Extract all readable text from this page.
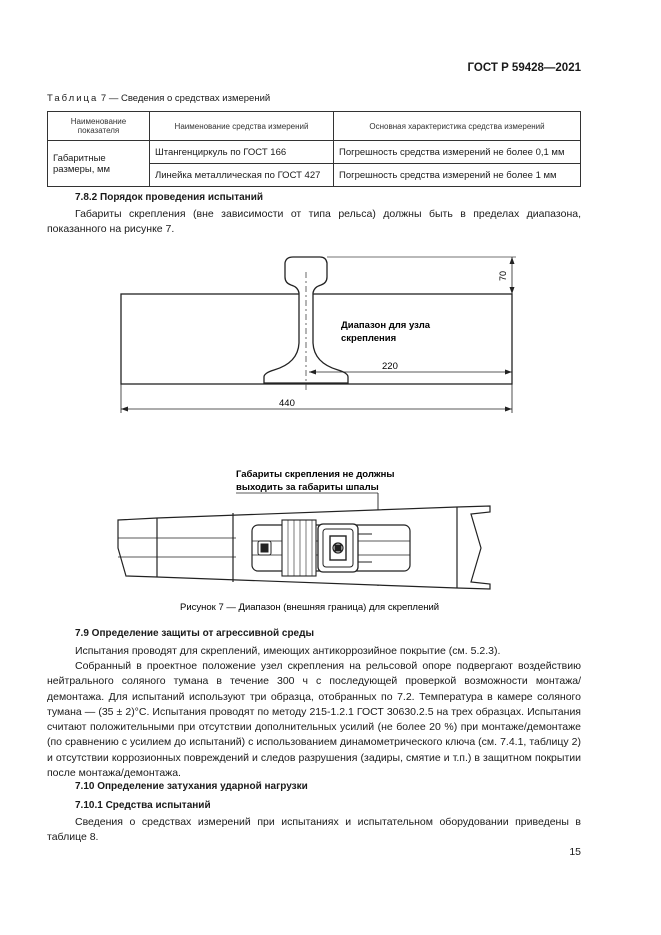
ГОСТ Р 59428—2021
Таблица 7 — Сведения о средствах измерений
Наименование показателя	Наименование средства измерений	Основная характеристика средства измерений
Габаритные размеры, мм	Штангенциркуль по ГОСТ 166	Погрешность средства измерений не более 0,1 мм
	Линейка металлическая по ГОСТ 427	Погрешность средства измерений не более 1 мм
7.8.2 Порядок проведения испытаний
Габариты скрепления (вне зависимости от типа рельса) должны быть в пределах диапазона, показанного на рисунке 7.
70
Диапазон для узла
скрепления
220
440
Габариты скрепления не должны
выходить за габариты шпалы
Рисунок 7 — Диапазон (внешняя граница) для скреплений
7.9 Определение защиты от агрессивной среды
Испытания проводят для скреплений, имеющих антикоррозийное покрытие (см. 5.2.3).
Собранный в проектное положение узел скрепления на рельсовой опоре подвергают воздействию нейтрального соляного тумана в течение 300 ч с последующей проверкой возможности монтажа/демонтажа. Для испытаний используют три образца, отобранных по 7.2. Температура в камере соляного тумана — (35 ± 2)°С. Испытания проводят по методу 215-1.2.1 ГОСТ 30630.2.5 на трех образцах. Испытания считают положительными при отсутствии дополнительных усилий (не более 20 %) при монтаже/демонтаже (по сравнению с усилием до испытаний) с использованием динамометрического ключа (см. 7.4.1, таблицу 2) и отсутствии коррозионных повреждений и следов разрушения (задиры, смятие и т.п.) в защитном покрытии после монтажа/демонтажа.
7.10 Определение затухания ударной нагрузки
7.10.1 Средства испытаний
Сведения о средствах измерений при испытаниях и испытательном оборудовании приведены в таблице 8.
15
